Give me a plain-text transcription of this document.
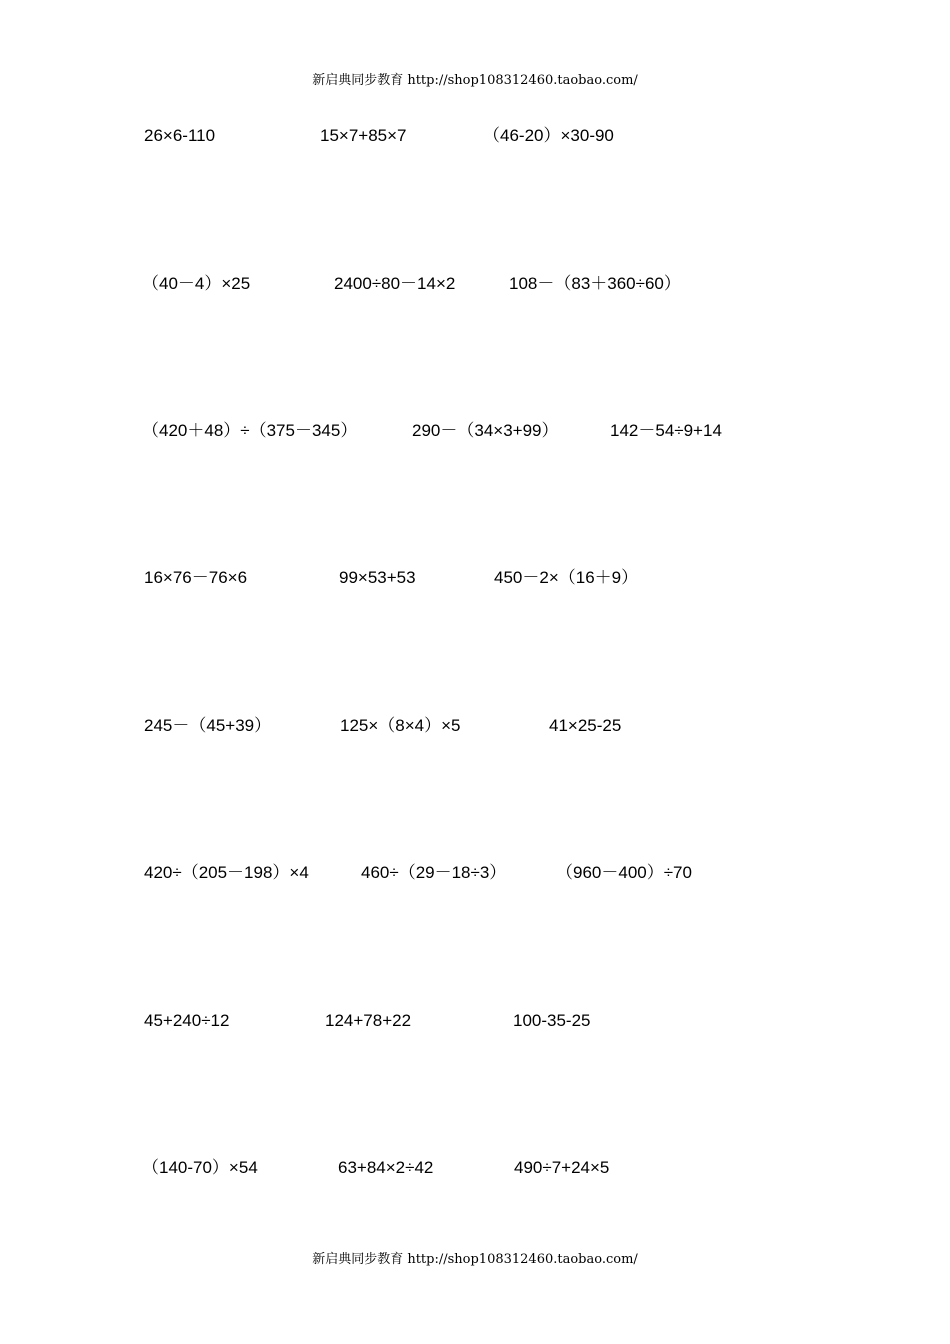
新启典同步教育 http://shop108312460.taobao.com/
26×6-110	15×7+85×7	（46-20）×30-90
（40－4）×25	2400÷80－14×2	108－（83＋360÷60）
（420＋48）÷（375－345）	290－（34×3+99）	142－54÷9+14
16×76－76×6	99×53+53	450－2×（16＋9）
245－（45+39）	125×（8×4）×5	41×25-25
420÷（205－198）×4	460÷（29－18÷3）	（960－400）÷70
45+240÷12	124+78+22	100-35-25
（140-70）×54	63+84×2÷42	490÷7+24×5
新启典同步教育 http://shop108312460.taobao.com/
